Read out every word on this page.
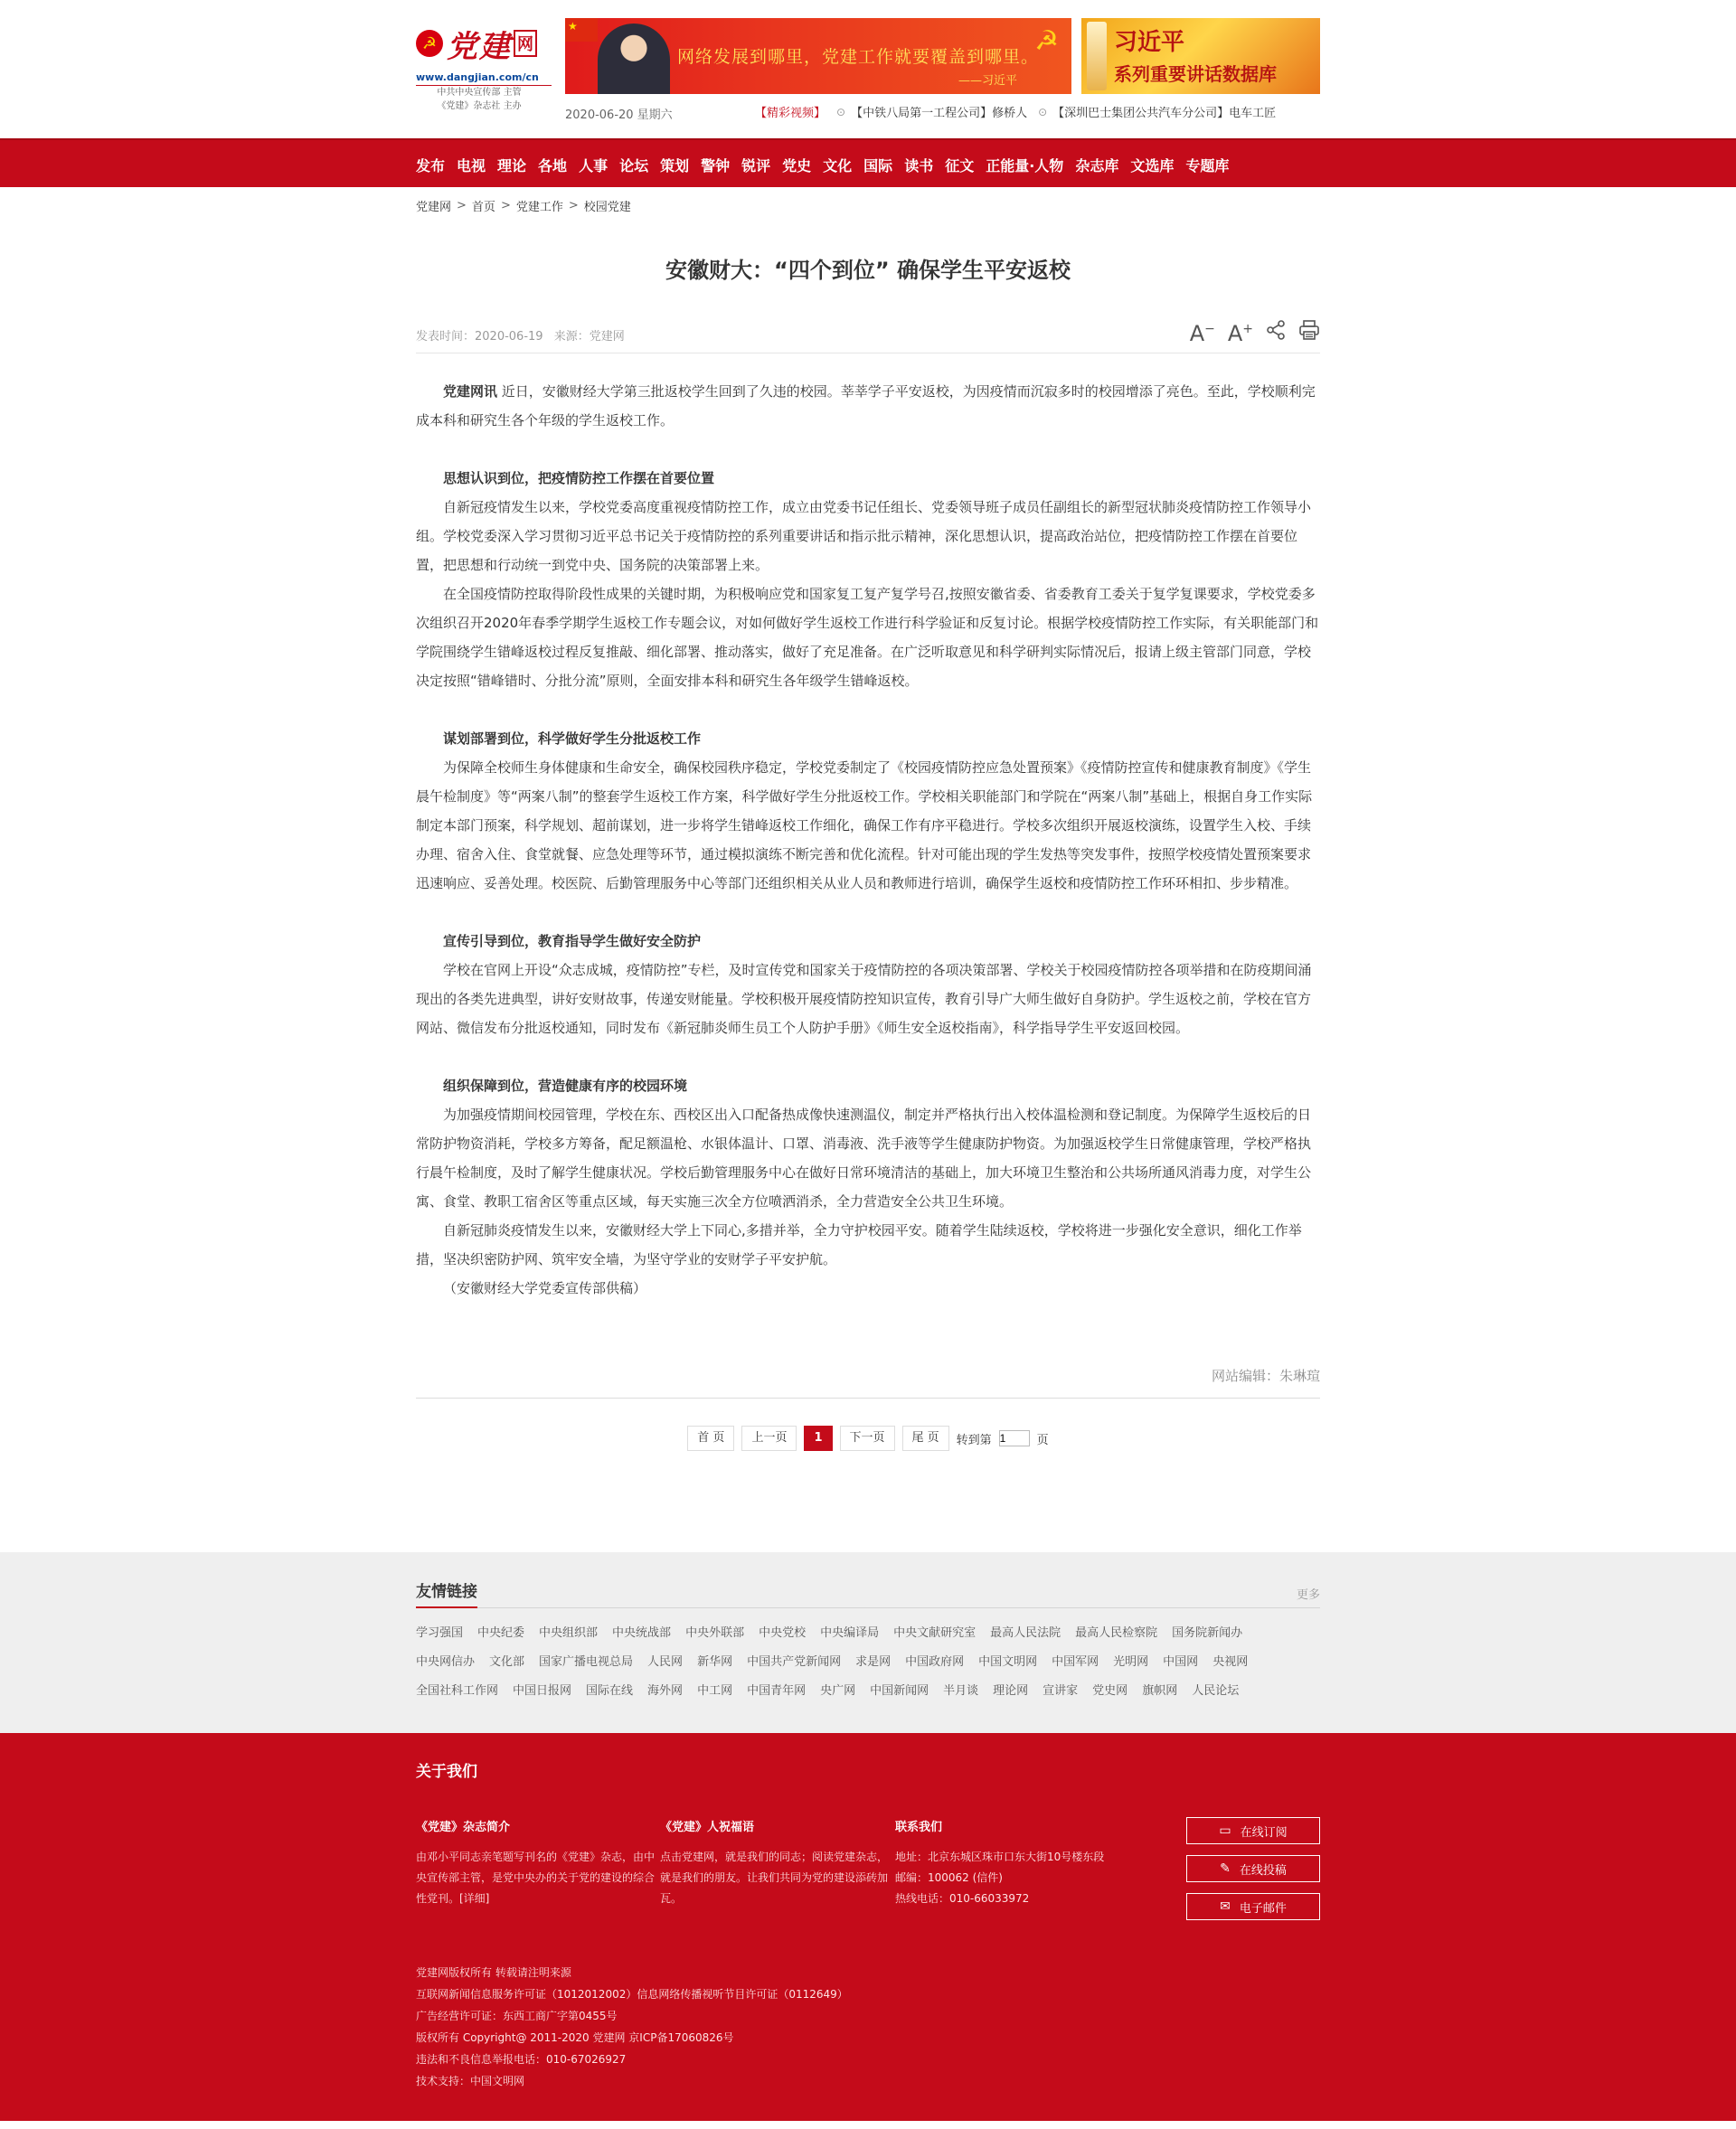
☭ 党建 网
www.dangjian.com/cn
中共中央宣传部 主管
《党建》杂志社 主办
★
网络发展到哪里，党建工作就要覆盖到哪里。
——习近平
☭ 习近平
系列重要讲话数据库
2020-06-20 星期六	【精彩视频】 ⊙ 【中铁八局第一工程公司】修桥人 ⊙ 【深圳巴士集团公共汽车分公司】电车工匠
发布 电视 理论 各地 人事 论坛 策划 警钟 锐评 党史 文化 国际 读书 征文 正能量·人物 杂志库 文选库 专题库
党建网 > 首页 > 党建工作 > 校园党建
安徽财大：“四个到位” 确保学生平安返校
发表时间：2020-06-19 来源：党建网	A− A+

党建网讯 近日，安徽财经大学第三批返校学生回到了久违的校园。莘莘学子平安返校，为因疫情而沉寂多时的校园增添了亮色。至此，学校顺利完成本科和研究生各个年级的学生返校工作。

思想认识到位，把疫情防控工作摆在首要位置

自新冠疫情发生以来，学校党委高度重视疫情防控工作，成立由党委书记任组长、党委领导班子成员任副组长的新型冠状肺炎疫情防控工作领导小组。学校党委深入学习贯彻习近平总书记关于疫情防控的系列重要讲话和指示批示精神，深化思想认识，提高政治站位，把疫情防控工作摆在首要位置，把思想和行动统一到党中央、国务院的决策部署上来。

在全国疫情防控取得阶段性成果的关键时期，为积极响应党和国家复工复产复学号召,按照安徽省委、省委教育工委关于复学复课要求，学校党委多次组织召开2020年春季学期学生返校工作专题会议，对如何做好学生返校工作进行科学验证和反复讨论。根据学校疫情防控工作实际，有关职能部门和学院围绕学生错峰返校过程反复推敲、细化部署、推动落实，做好了充足准备。在广泛听取意见和科学研判实际情况后，报请上级主管部门同意，学校决定按照“错峰错时、分批分流”原则，全面安排本科和研究生各年级学生错峰返校。

谋划部署到位，科学做好学生分批返校工作

为保障全校师生身体健康和生命安全，确保校园秩序稳定，学校党委制定了《校园疫情防控应急处置预案》《疫情防控宣传和健康教育制度》《学生晨午检制度》等“两案八制”的整套学生返校工作方案，科学做好学生分批返校工作。学校相关职能部门和学院在“两案八制”基础上，根据自身工作实际制定本部门预案，科学规划、超前谋划，进一步将学生错峰返校工作细化，确保工作有序平稳进行。学校多次组织开展返校演练，设置学生入校、手续办理、宿舍入住、食堂就餐、应急处理等环节，通过模拟演练不断完善和优化流程。针对可能出现的学生发热等突发事件，按照学校疫情处置预案要求迅速响应、妥善处理。校医院、后勤管理服务中心等部门还组织相关从业人员和教师进行培训，确保学生返校和疫情防控工作环环相扣、步步精准。

宣传引导到位，教育指导学生做好安全防护

学校在官网上开设“众志成城，疫情防控”专栏，及时宣传党和国家关于疫情防控的各项决策部署、学校关于校园疫情防控各项举措和在防疫期间涌现出的各类先进典型，讲好安财故事，传递安财能量。学校积极开展疫情防控知识宣传，教育引导广大师生做好自身防护。学生返校之前，学校在官方网站、微信发布分批返校通知，同时发布《新冠肺炎师生员工个人防护手册》《师生安全返校指南》，科学指导学生平安返回校园。

组织保障到位，营造健康有序的校园环境

为加强疫情期间校园管理，学校在东、西校区出入口配备热成像快速测温仪，制定并严格执行出入校体温检测和登记制度。为保障学生返校后的日常防护物资消耗，学校多方筹备，配足额温枪、水银体温计、口罩、消毒液、洗手液等学生健康防护物资。为加强返校学生日常健康管理，学校严格执行晨午检制度，及时了解学生健康状况。学校后勤管理服务中心在做好日常环境清洁的基础上，加大环境卫生整治和公共场所通风消毒力度，对学生公寓、食堂、教职工宿舍区等重点区域，每天实施三次全方位喷洒消杀，全力营造安全公共卫生环境。

自新冠肺炎疫情发生以来，安徽财经大学上下同心,多措并举，全力守护校园平安。随着学生陆续返校，学校将进一步强化安全意识，细化工作举措，坚决织密防护网、筑牢安全墙，为坚守学业的安财学子平安护航。

（安徽财经大学党委宣传部供稿）

网站编辑：朱琳瑄
首 页	上一页	1	下一页	尾 页	转到第
1	页
友情链接	更多
学习强国 中央纪委 中央组织部 中央统战部 中央外联部 中央党校 中央编译局 中央文献研究室 最高人民法院 最高人民检察院 国务院新闻办
中央网信办 文化部 国家广播电视总局 人民网 新华网 中国共产党新闻网 求是网 中国政府网 中国文明网 中国军网 光明网 中国网 央视网
全国社科工作网 中国日报网 国际在线 海外网 中工网 中国青年网 央广网 中国新闻网 半月谈 理论网 宣讲家 党史网 旗帜网 人民论坛
关于我们
《党建》杂志简介

由邓小平同志亲笔题写刊名的《党建》杂志，由中央宣传部主管，是党中央办的关于党的建设的综合性党刊。[详细]

《党建》人祝福语

点击党建网，就是我们的同志；阅读党建杂志，就是我们的朋友。让我们共同为党的建设添砖加瓦。

联系我们

地址：北京东城区珠市口东大街10号楼东段

邮编：100062 (信件)

热线电话：010-66033972

▭ 在线订阅
✎ 在线投稿
✉ 电子邮件
党建网版权所有 转载请注明来源
互联网新闻信息服务许可证（1012012002）信息网络传播视听节目许可证（0112649）
广告经营许可证：东西工商广字第0455号
版权所有 Copyright@ 2011-2020 党建网 京ICP备17060826号
违法和不良信息举报电话：010-67026927
技术支持：中国文明网
